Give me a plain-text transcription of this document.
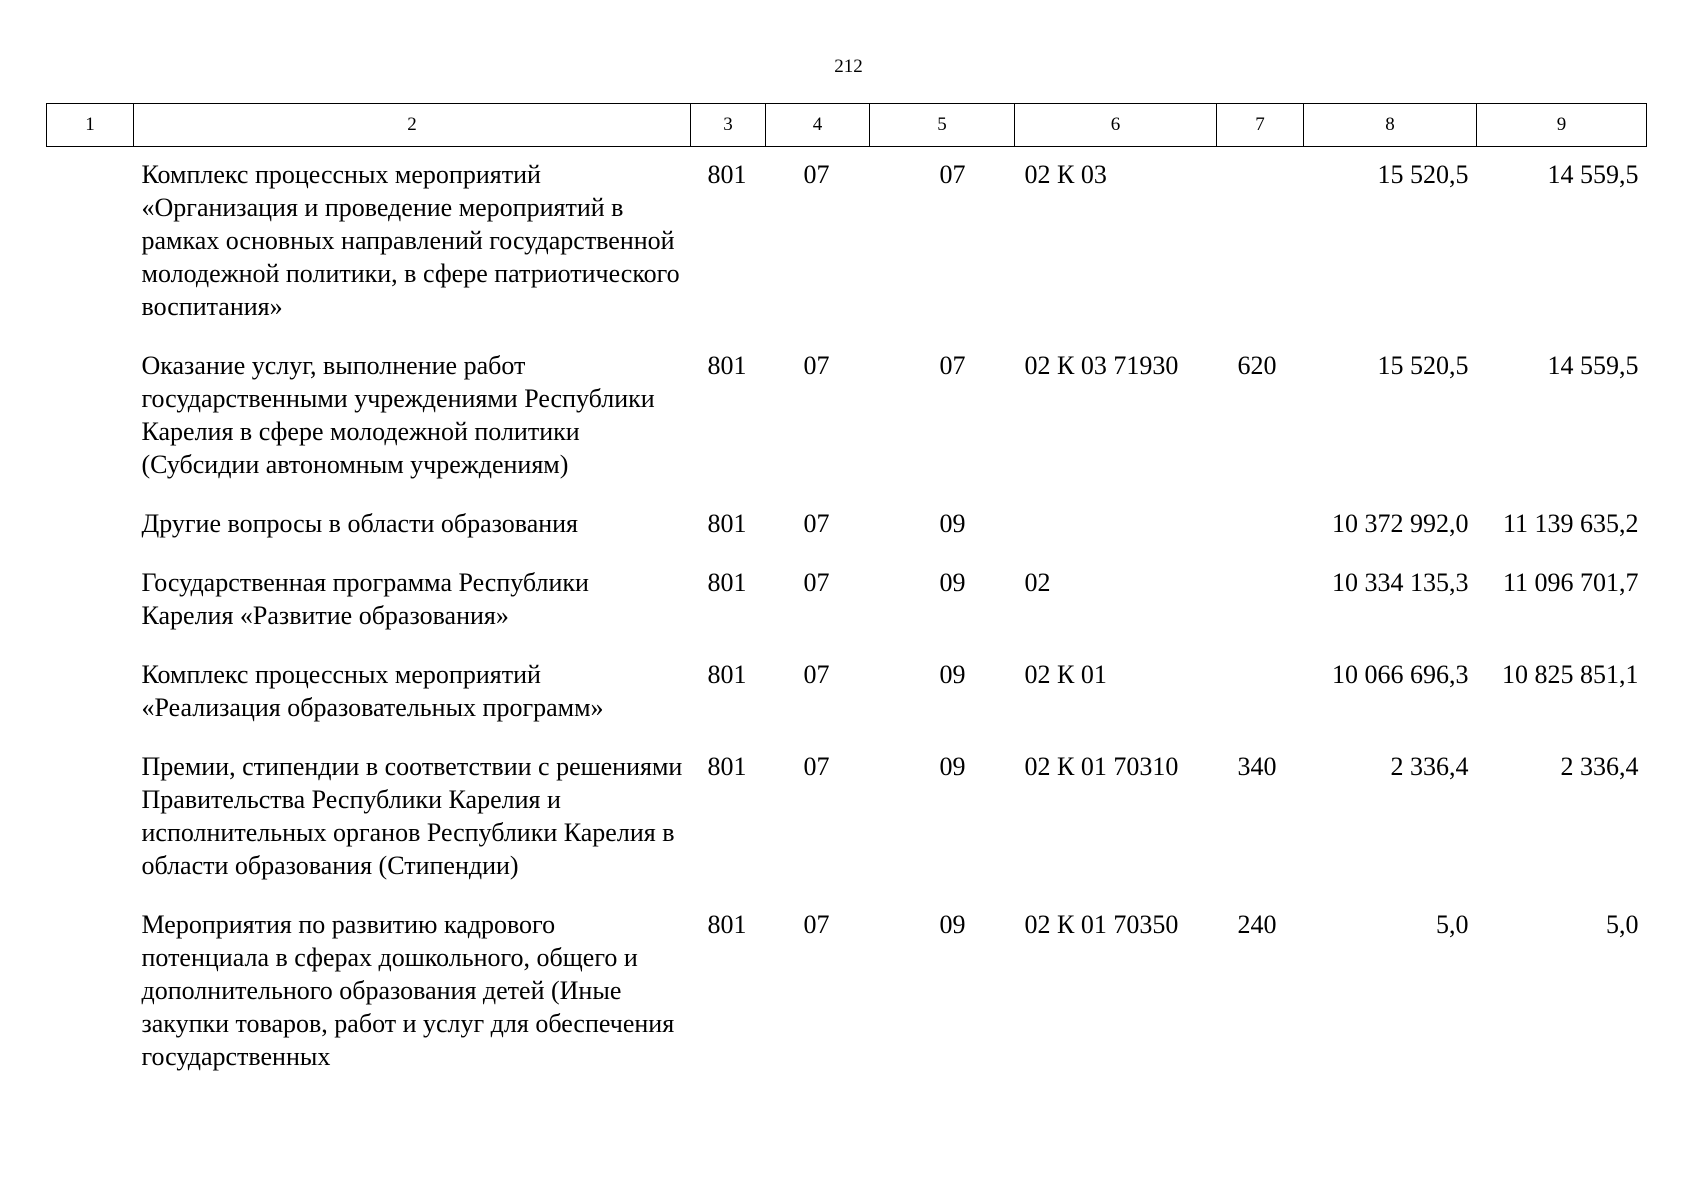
212
1	2	3	4	5	6	7	8	9
	Комплекс процессных мероприятий «Организация и проведение мероприятий в рамках основных направлений государственной молодежной политики, в сфере патриотического воспитания»	801	07	07	02 К 03		15 520,5	14 559,5
	Оказание услуг, выполнение работ государственными учреждениями Республики Карелия в сфере молодежной политики (Субсидии автономным учреждениям)	801	07	07	02 К 03 71930	620	15 520,5	14 559,5
	Другие вопросы в области образования	801	07	09			10 372 992,0	11 139 635,2
	Государственная программа Республики Карелия «Развитие образования»	801	07	09	02		10 334 135,3	11 096 701,7
	Комплекс процессных мероприятий «Реализация образовательных программ»	801	07	09	02 К 01		10 066 696,3	10 825 851,1
	Премии, стипендии в соответствии с решениями Правительства Республики Карелия и исполнительных органов Республики Карелия в области образования (Стипендии)	801	07	09	02 К 01 70310	340	2 336,4	2 336,4
	Мероприятия по развитию кадрового потенциала в сферах дошкольного, общего и дополнительного образования детей (Иные закупки товаров, работ и услуг для обеспечения государственных	801	07	09	02 К 01 70350	240	5,0	5,0
